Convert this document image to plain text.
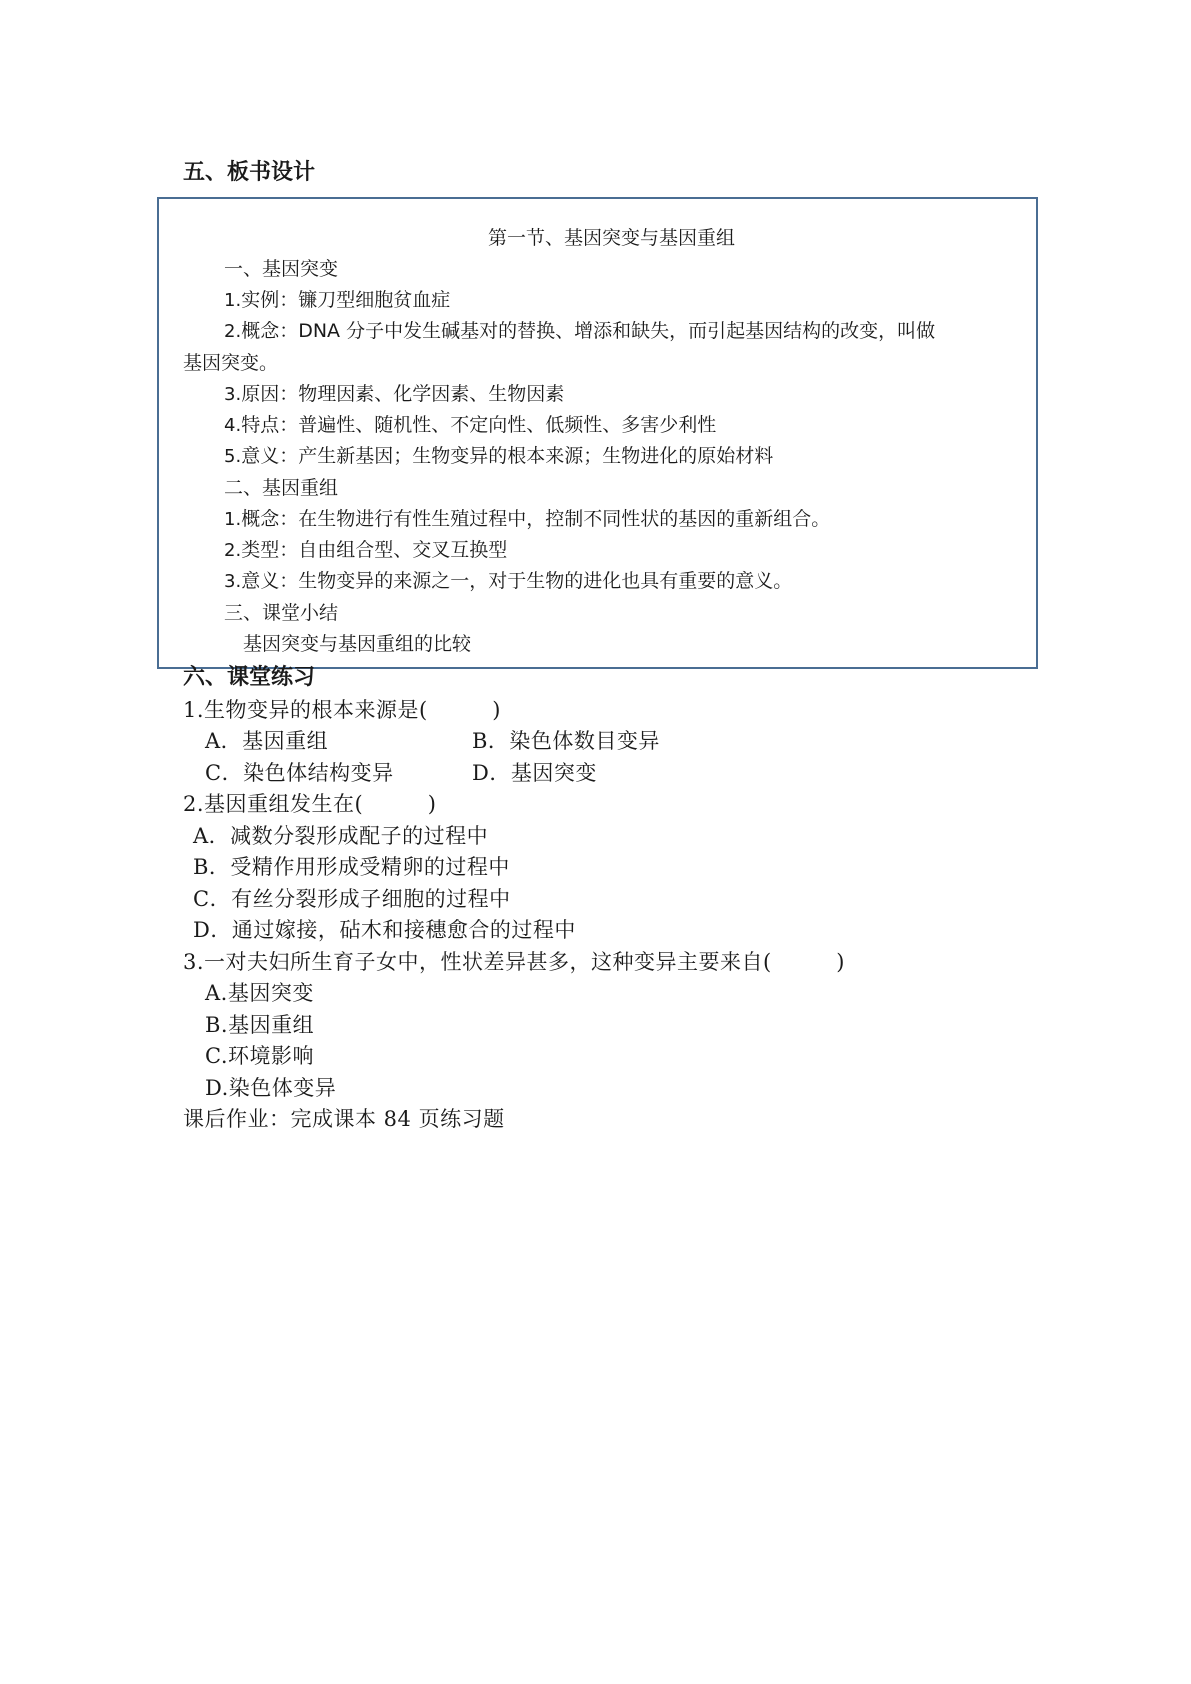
五、板书设计
第一节、基因突变与基因重组
一、基因突变
1.实例：镰刀型细胞贫血症
2.概念：DNA 分子中发生碱基对的替换、增添和缺失，而引起基因结构的改变，叫做
基因突变。
3.原因：物理因素、化学因素、生物因素
4.特点：普遍性、随机性、不定向性、低频性、多害少利性
5.意义：产生新基因；生物变异的根本来源；生物进化的原始材料
二、基因重组
1.概念：在生物进行有性生殖过程中，控制不同性状的基因的重新组合。
2.类型：自由组合型、交叉互换型
3.意义：生物变异的来源之一，对于生物的进化也具有重要的意义。
三、课堂小结
基因突变与基因重组的比较
六、课堂练习
1.生物变异的根本来源是(　　　)
A．基因重组	B．染色体数目变异
C．染色体结构变异	D．基因突变
2.基因重组发生在(　　　)
A．减数分裂形成配子的过程中
B．受精作用形成受精卵的过程中
C．有丝分裂形成子细胞的过程中
D．通过嫁接，砧木和接穗愈合的过程中
3.一对夫妇所生育子女中，性状差异甚多，这种变异主要来自(　　　)
A.基因突变
B.基因重组
C.环境影响
D.染色体变异
课后作业：完成课本 84 页练习题
